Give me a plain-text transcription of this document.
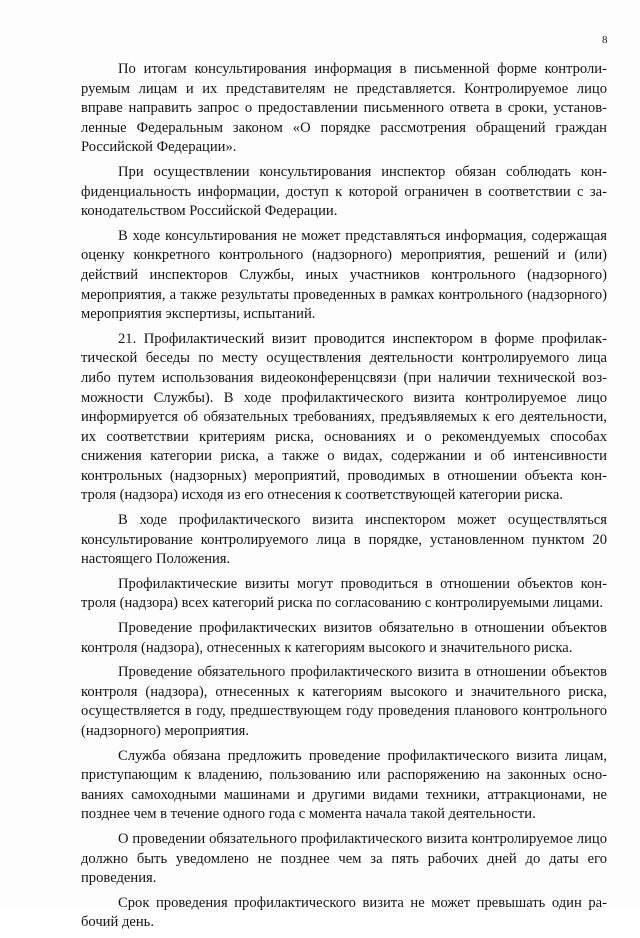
8

По итогам консультирования информация в письменной форме контролируемым лицам и их представителям не представляется. Контролируемое лицо вправе направить запрос о предоставлении письменного ответа в сроки, установленные Федеральным законом «О порядке рассмотрения обращений граждан Российской Федерации».

При осуществлении консультирования инспектор обязан соблюдать конфиденциальность информации, доступ к которой ограничен в соответствии с законодательством Российской Федерации.

В ходе консультирования не может представляться информация, содержащая оценку конкретного контрольного (надзорного) мероприятия, решений и (или) действий инспекторов Службы, иных участников контрольного (надзорного) мероприятия, а также результаты проведенных в рамках контрольного (надзорного) мероприятия экспертизы, испытаний.

21. Профилактический визит проводится инспектором в форме профилактической беседы по месту осуществления деятельности контролируемого лица либо путем использования видеоконференцсвязи (при наличии технической возможности Службы). В ходе профилактического визита контролируемое лицо информируется об обязательных требованиях, предъявляемых к его деятельности, их соответствии критериям риска, основаниях и о рекомендуемых способах снижения категории риска, а также о видах, содержании и об интенсивности контрольных (надзорных) мероприятий, проводимых в отношении объекта контроля (надзора) исходя из его отнесения к соответствующей категории риска.

В ходе профилактического визита инспектором может осуществляться консультирование контролируемого лица в порядке, установленном пунктом 20 настоящего Положения.

Профилактические визиты могут проводиться в отношении объектов контроля (надзора) всех категорий риска по согласованию с контролируемыми лицами.

Проведение профилактических визитов обязательно в отношении объектов контроля (надзора), отнесенных к категориям высокого и значительного риска.

Проведение обязательного профилактического визита в отношении объектов контроля (надзора), отнесенных к категориям высокого и значительного риска, осуществляется в году, предшествующем году проведения планового контрольного (надзорного) мероприятия.

Служба обязана предложить проведение профилактического визита лицам, приступающим к владению, пользованию или распоряжению на законных основаниях самоходными машинами и другими видами техники, аттракционами, не позднее чем в течение одного года с момента начала такой деятельности.

О проведении обязательного профилактического визита контролируемое лицо должно быть уведомлено не позднее чем за пять рабочих дней до даты его проведения.

Срок проведения профилактического визита не может превышать один рабочий день.
